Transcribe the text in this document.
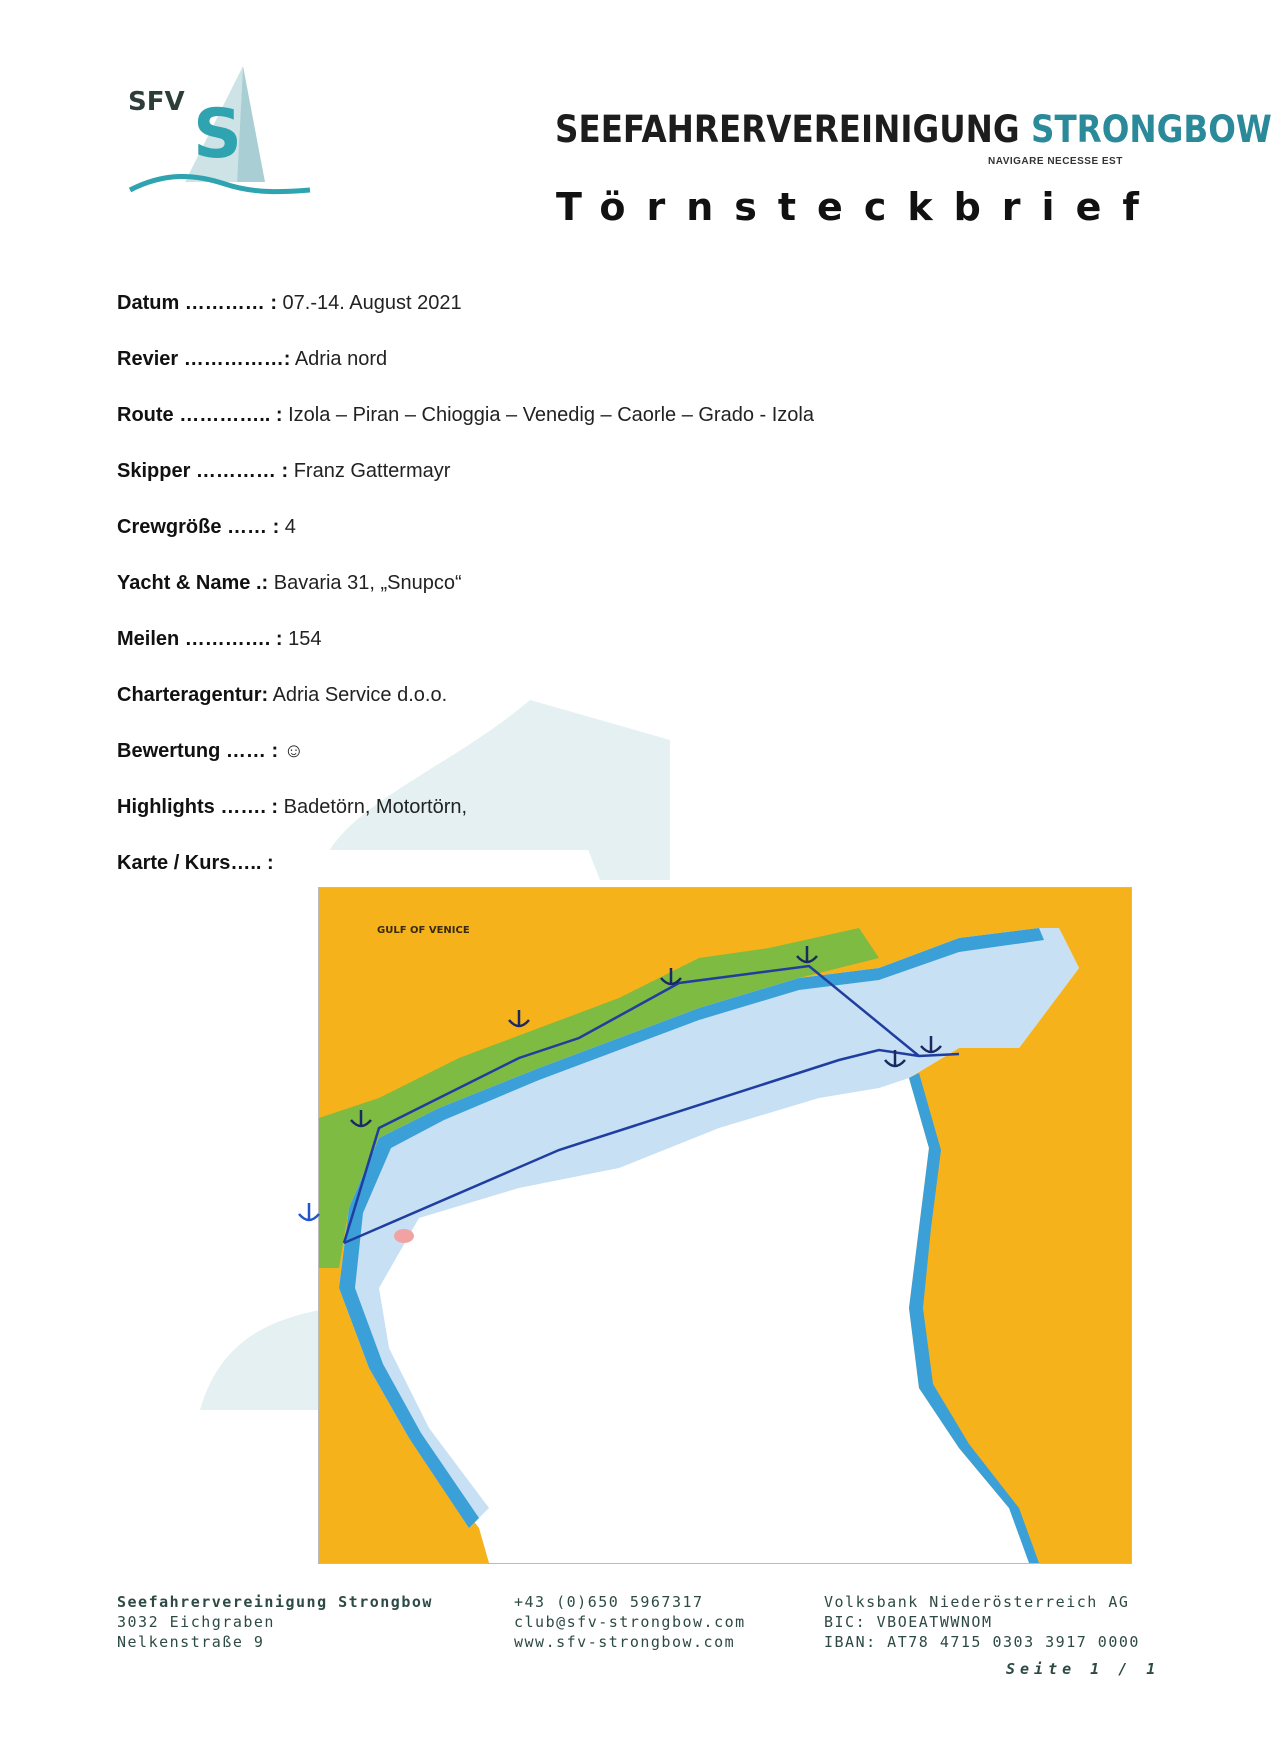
SFV S	SEEFAHRERVEREINIGUNG STRONGBOW
NAVIGARE NECESSE EST
Törnsteckbrief
Datum ………… : 07.-14. August 2021
Revier ……………: Adria nord
Route ………….. : Izola – Piran – Chioggia – Venedig – Caorle – Grado - Izola
Skipper ………… : Franz Gattermayr
Crewgröße …… : 4
Yacht & Name .: Bavaria 31, „Snupco“
Meilen …………. : 154
Charteragentur: Adria Service d.o.o.
Bewertung …… : ☺
Highlights ……. : Badetörn, Motortörn,
Karte / Kurs….. :
GULF OF VENICE
Seefahrervereinigung Strongbow
3032 Eichgraben
Nelkenstraße 9
+43 (0)650 5967317
club@sfv-strongbow.com
www.sfv-strongbow.com
Volksbank Niederösterreich AG
BIC: VBOEATWWNOM
IBAN: AT78 4715 0303 3917 0000
Seite 1 / 1
